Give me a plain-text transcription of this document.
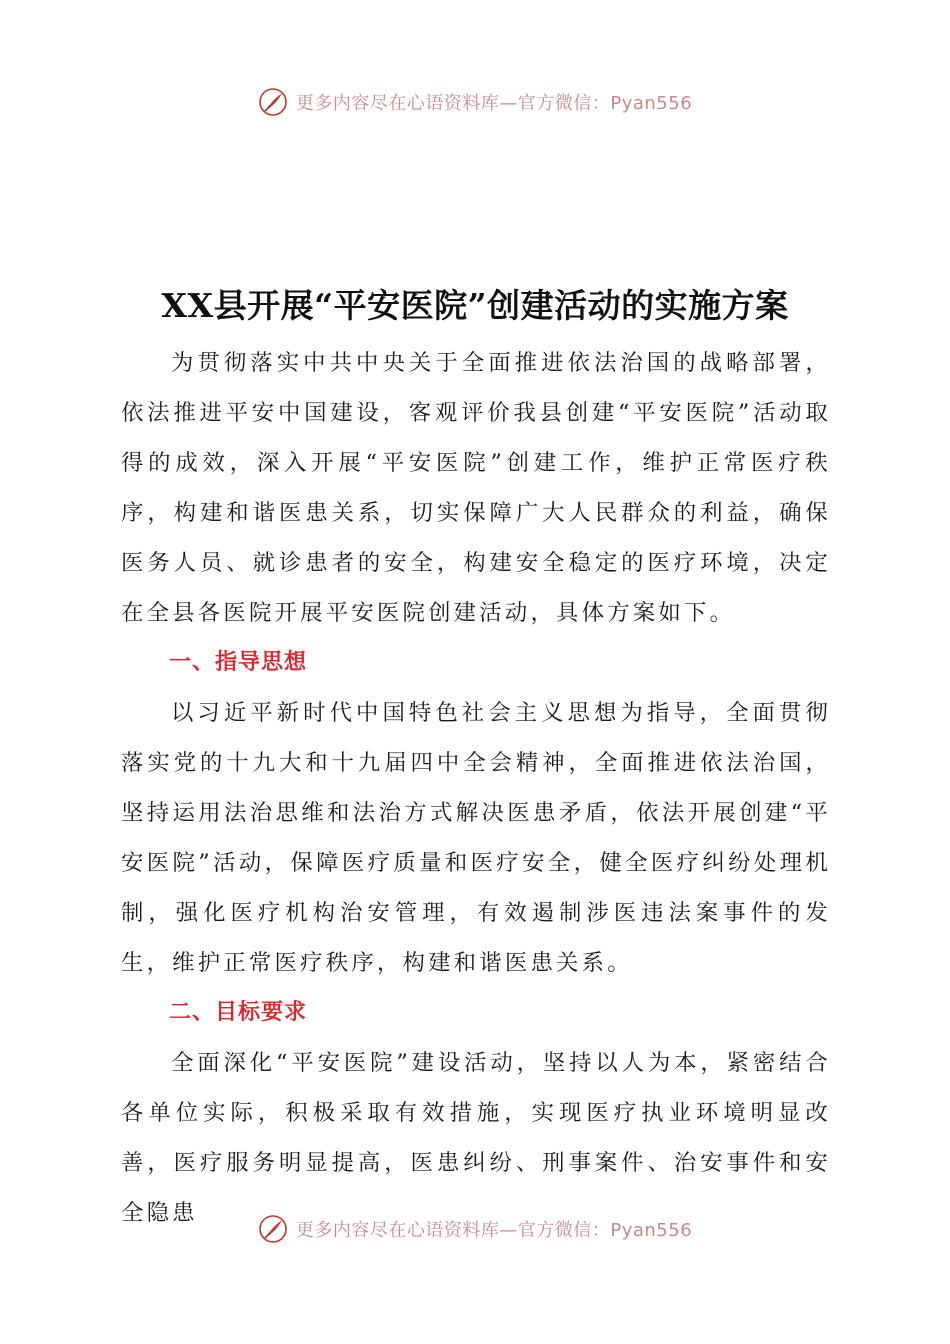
更多内容尽在心语资料库—官方微信：Pyan556
XX县开展“平安医院”创建活动的实施方案

为贯彻落实中共中央关于全面推进依法治国的战略部署，依法推进平安中国建设，客观评价我县创建“平安医院”活动取得的成效，深入开展“平安医院”创建工作，维护正常医疗秩序，构建和谐医患关系，切实保障广大人民群众的利益，确保医务人员、就诊患者的安全，构建安全稳定的医疗环境，决定在全县各医院开展平安医院创建活动，具体方案如下。

一、指导思想

以习近平新时代中国特色社会主义思想为指导，全面贯彻落实党的十九大和十九届四中全会精神，全面推进依法治国，坚持运用法治思维和法治方式解决医患矛盾，依法开展创建“平安医院”活动，保障医疗质量和医疗安全，健全医疗纠纷处理机制，强化医疗机构治安管理，有效遏制涉医违法案事件的发生，维护正常医疗秩序，构建和谐医患关系。

二、目标要求

全面深化“平安医院”建设活动，坚持以人为本，紧密结合各单位实际，积极采取有效措施，实现医疗执业环境明显改善，医疗服务明显提高，医患纠纷、刑事案件、治安事件和安全隐患

更多内容尽在心语资料库—官方微信：Pyan556
